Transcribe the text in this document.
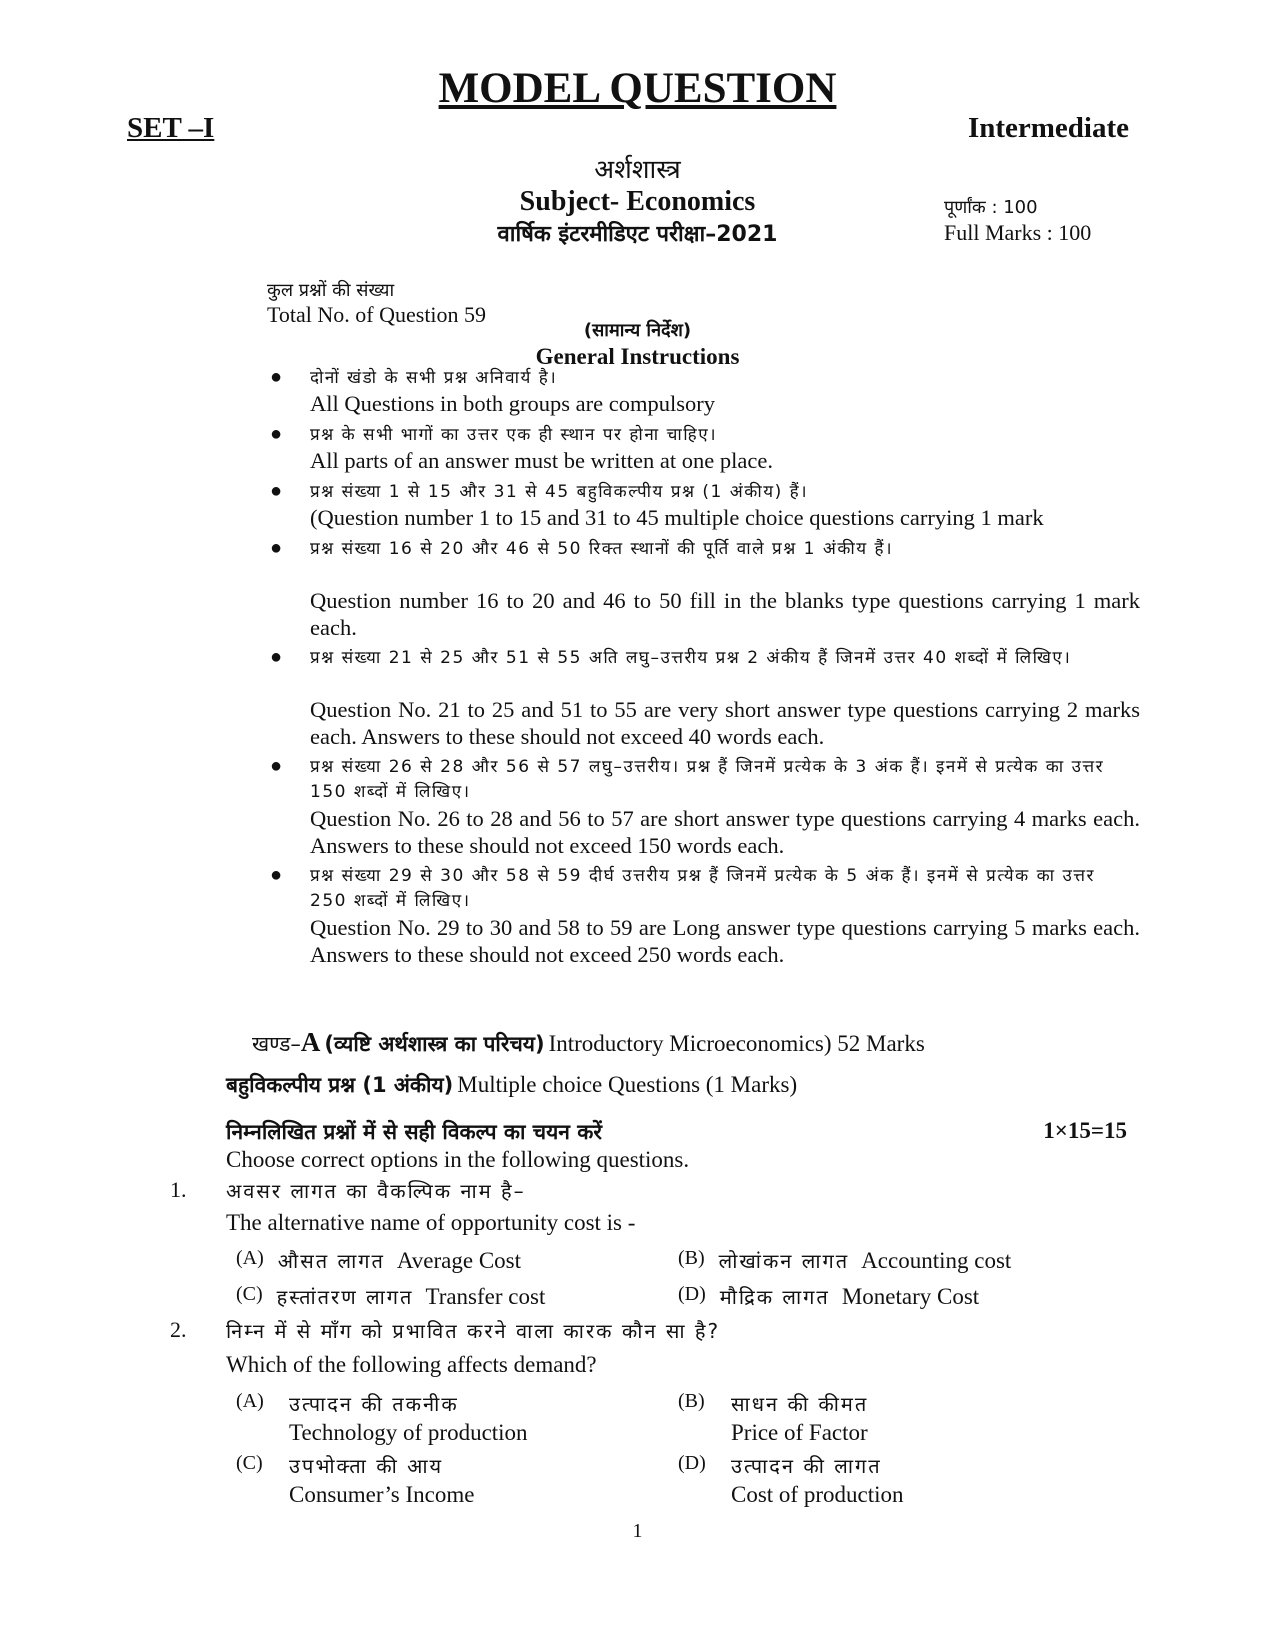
MODEL QUESTION
SET –I	Intermediate
अर्शशास्त्र
Subject- Economics
वार्षिक इंटरमीडिएट परीक्षा–2021
पूर्णांक : 100
Full Marks : 100
कुल प्रश्नों की संख्या
Total No. of Question 59
(सामान्य निर्देश)
General Instructions
● दोनों खंडो के सभी प्रश्न अनिवार्य है।
All Questions in both groups are compulsory
● प्रश्न के सभी भागों का उत्तर एक ही स्थान पर होना चाहिए।
All parts of an answer must be written at one place.
● प्रश्न संख्या 1 से 15 और 31 से 45 बहुविकल्पीय प्रश्न (1 अंकीय) हैं।
(Question number 1 to 15 and 31 to 45 multiple choice questions carrying 1 mark
● प्रश्न संख्या 16 से 20 और 46 से 50 रिक्त स्थानों की पूर्ति वाले प्रश्न 1 अंकीय हैं।
Question number 16 to 20 and 46 to 50 fill in the blanks type questions carrying 1 mark each.
● प्रश्न संख्या 21 से 25 और 51 से 55 अति लघु–उत्तरीय प्रश्न 2 अंकीय हैं जिनमें उत्तर 40 शब्दों में लिखिए।
Question No. 21 to 25 and 51 to 55 are very short answer type questions carrying 2 marks each. Answers to these should not exceed 40 words each.
● प्रश्न संख्या 26 से 28 और 56 से 57 लघु–उत्तरीय। प्रश्न हैं जिनमें प्रत्येक के 3 अंक हैं। इनमें से प्रत्येक का उत्तर 150 शब्दों में लिखिए।
Question No. 26 to 28 and 56 to 57 are short answer type questions carrying 4 marks each. Answers to these should not exceed 150 words each.
● प्रश्न संख्या 29 से 30 और 58 से 59 दीर्घ उत्तरीय प्रश्न हैं जिनमें प्रत्येक के 5 अंक हैं। इनमें से प्रत्येक का उत्तर 250 शब्दों में लिखिए।
Question No. 29 to 30 and 58 to 59 are Long answer type questions carrying 5 marks each. Answers to these should not exceed 250 words each.
खण्ड–A (व्यष्टि अर्थशास्त्र का परिचय) Introductory Microeconomics) 52 Marks
बहुविकल्पीय प्रश्न (1 अंकीय) Multiple choice Questions (1 Marks)
निम्नलिखित प्रश्नों में से सही विकल्प का चयन करें	1×15=15
Choose correct options in the following questions.
1. अवसर लागत का वैकल्पिक नाम है–
The alternative name of opportunity cost is -
(A) औसत लागत Average Cost	(B) लोखांकन लागत Accounting cost
(C) हस्तांतरण लागत Transfer cost	(D) मौद्रिक लागत Monetary Cost
2. निम्न में से माँग को प्रभावित करने वाला कारक कौन सा है?
Which of the following affects demand?
(A) उत्पादन की तकनीक
Technology of production
(B) साधन की कीमत
Price of Factor
(C) उपभोक्ता की आय
Consumer’s Income
(D) उत्पादन की लागत
Cost of production
1
